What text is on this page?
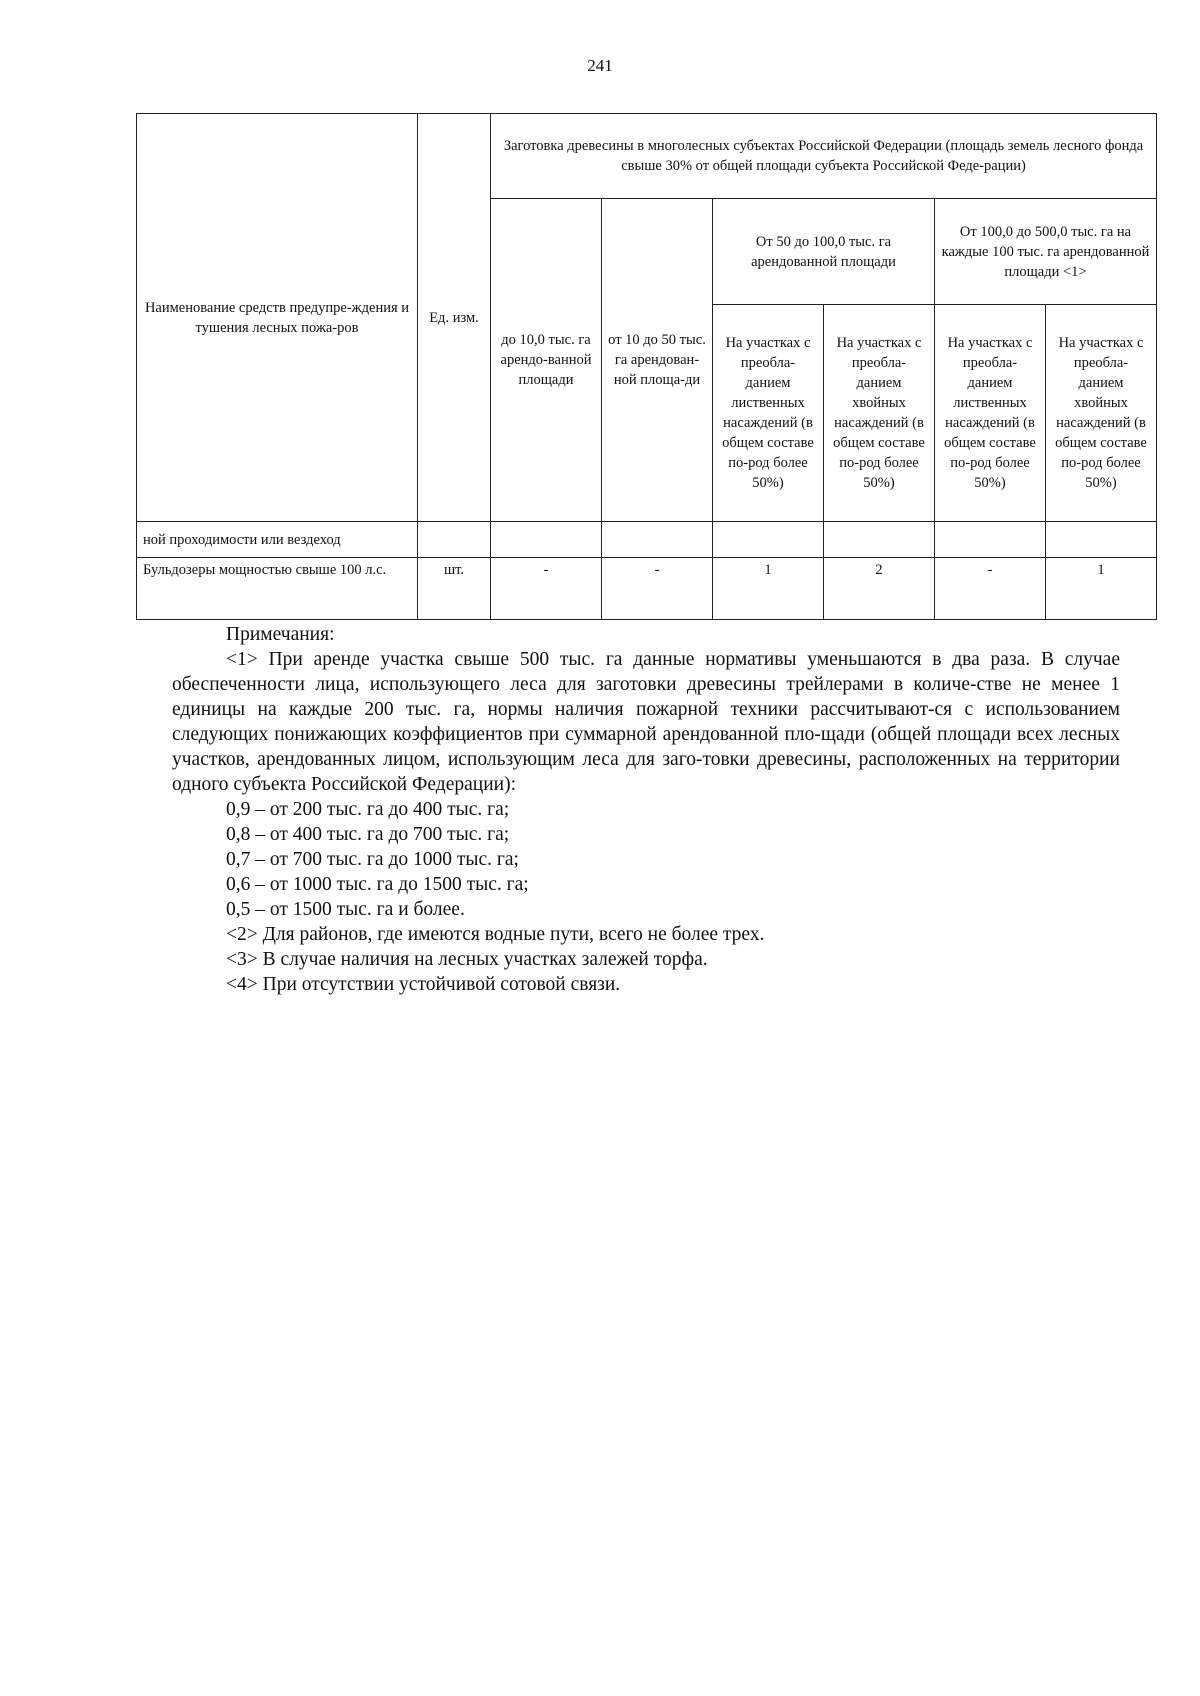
241
Наименование средств предупре-ждения и тушения лесных пожа-ров	Ед. изм.	Заготовка древесины в многолесных субъектах Российской Федерации (площадь земель лесного фонда свыше 30% от общей площади субъекта Российской Феде-рации)					
		до 10,0 тыс. га арендо-ванной площади	от 10 до 50 тыс. га арендован-ной площа-ди	От 50 до 100,0 тыс. га арендованной площади		От 100,0 до 500,0 тыс. га на каждые 100 тыс. га арендованной площади <1>	
				На участках с преобла-данием лиственных насаждений (в общем составе по-род более 50%)	На участках с преобла-данием хвойных насаждений (в общем составе по-род более 50%)	На участках с преобла-данием лиственных насаждений (в общем составе по-род более 50%)	На участках с преобла-данием хвойных насаждений (в общем составе по-род более 50%)
ной проходимости или вездеход							
Бульдозеры мощностью свыше 100 л.с.	шт.	-	-	1	2	-	1

Примечания:

<1> При аренде участка свыше 500 тыс. га данные нормативы уменьшаются в два раза. В случае обеспеченности лица, использующего леса для заготовки древесины трейлерами в количе-стве не менее 1 единицы на каждые 200 тыс. га, нормы наличия пожарной техники рассчитывают-ся с использованием следующих понижающих коэффициентов при суммарной арендованной пло-щади (общей площади всех лесных участков, арендованных лицом, использующим леса для заго-товки древесины, расположенных на территории одного субъекта Российской Федерации):

0,9 – от 200 тыс. га до 400 тыс. га;

0,8 – от 400 тыс. га до 700 тыс. га;

0,7 – от 700 тыс. га до 1000 тыс. га;

0,6 – от 1000 тыс. га до 1500 тыс. га;

0,5 – от 1500 тыс. га и более.

<2> Для районов, где имеются водные пути, всего не более трех.

<3> В случае наличия на лесных участках залежей торфа.

<4> При отсутствии устойчивой сотовой связи.
